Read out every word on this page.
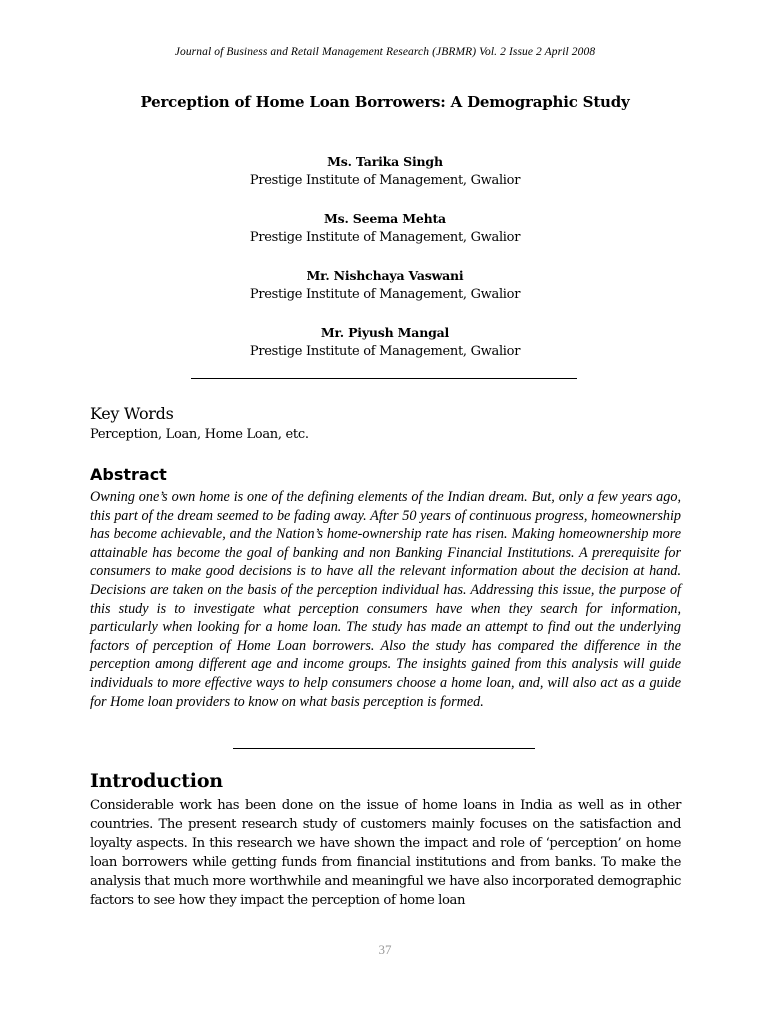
Journal of Business and Retail Management Research (JBRMR) Vol. 2 Issue 2 April 2008
Perception of Home Loan Borrowers: A Demographic Study
Ms. Tarika Singh
Prestige Institute of Management, Gwalior
Ms. Seema Mehta
Prestige Institute of Management, Gwalior
Mr. Nishchaya Vaswani
Prestige Institute of Management, Gwalior
Mr. Piyush Mangal
Prestige Institute of Management, Gwalior
Key Words
Perception, Loan, Home Loan, etc.
Abstract
Owning one’s own home is one of the defining elements of the Indian dream. But, only a few years ago, this part of the dream seemed to be fading away. After 50 years of continuous progress, homeownership has become achievable, and the Nation’s home-ownership rate has risen. Making homeownership more attainable has become the goal of banking and non Banking Financial Institutions. A prerequisite for consumers to make good decisions is to have all the relevant information about the decision at hand. Decisions are taken on the basis of the perception individual has. Addressing this issue, the purpose of this study is to investigate what perception consumers have when they search for information, particularly when looking for a home loan. The study has made an attempt to find out the underlying factors of perception of Home Loan borrowers. Also the study has compared the difference in the perception among different age and income groups. The insights gained from this analysis will guide individuals to more effective ways to help consumers choose a home loan, and, will also act as a guide for Home loan providers to know on what basis perception is formed.
Introduction
Considerable work has been done on the issue of home loans in India as well as in other countries. The present research study of customers mainly focuses on the satisfaction and loyalty aspects. In this research we have shown the impact and role of ‘perception’ on home loan borrowers while getting funds from financial institutions and from banks. To make the analysis that much more worthwhile and meaningful we have also incorporated demographic factors to see how they impact the perception of home loan
37
